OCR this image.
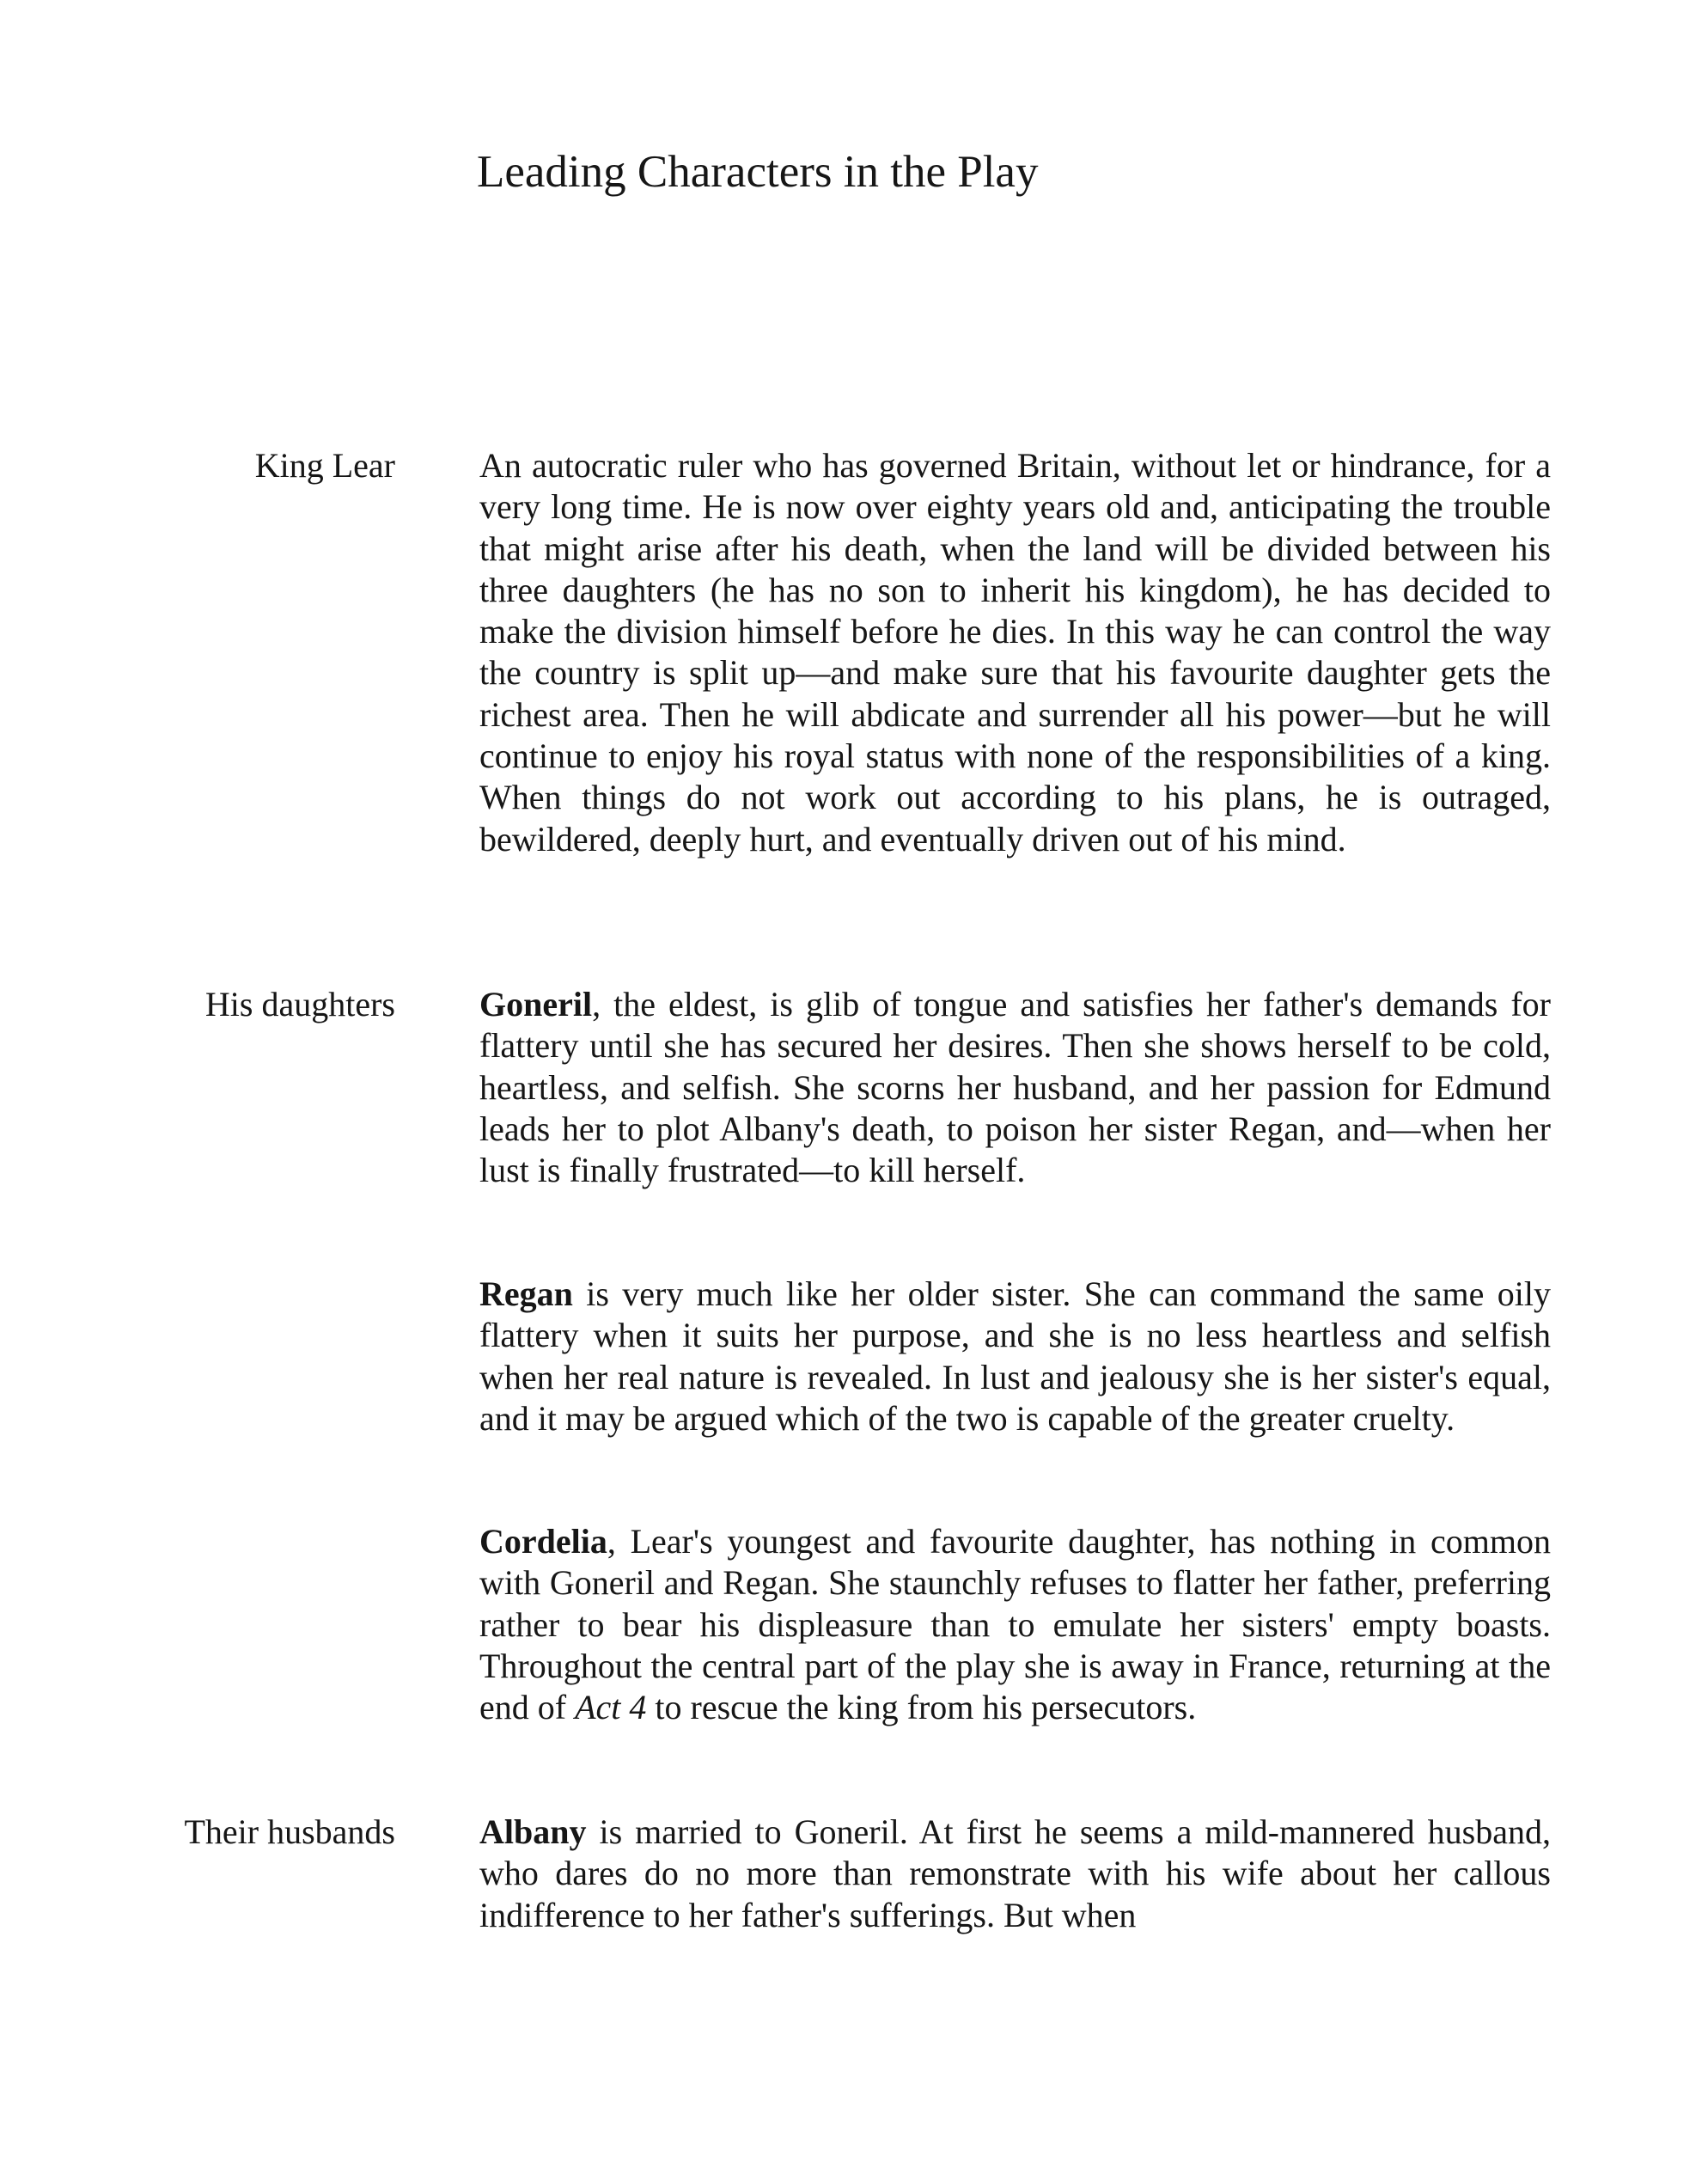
Leading Characters in the Play
King Lear An autocratic ruler who has governed Britain, without let or hindrance, for a very long time. He is now over eighty years old and, anticipating the trouble that might arise after his death, when the land will be divided between his three daughters (he has no son to inherit his kingdom), he has decided to make the division himself before he dies. In this way he can control the way the country is split up—and make sure that his favourite daughter gets the richest area. Then he will abdicate and surrender all his power—but he will continue to enjoy his royal status with none of the responsibilities of a king. When things do not work out according to his plans, he is outraged, bewildered, deeply hurt, and eventually driven out of his mind.

His daughters Goneril, the eldest, is glib of tongue and satisfies her father's demands for flattery until she has secured her desires. Then she shows herself to be cold, heartless, and selfish. She scorns her husband, and her passion for Edmund leads her to plot Albany's death, to poison her sister Regan, and—when her lust is finally frustrated—to kill herself.

Regan is very much like her older sister. She can command the same oily flattery when it suits her purpose, and she is no less heartless and selfish when her real nature is revealed. In lust and jealousy she is her sister's equal, and it may be argued which of the two is capable of the greater cruelty.

Cordelia, Lear's youngest and favourite daughter, has nothing in common with Goneril and Regan. She staunchly refuses to flatter her father, preferring rather to bear his displeasure than to emulate her sisters' empty boasts. Throughout the central part of the play she is away in France, returning at the end of Act 4 to rescue the king from his persecutors.

Their husbands Albany is married to Goneril. At first he seems a mild-mannered husband, who dares do no more than remonstrate with his wife about her callous indifference to her father's sufferings. But when
